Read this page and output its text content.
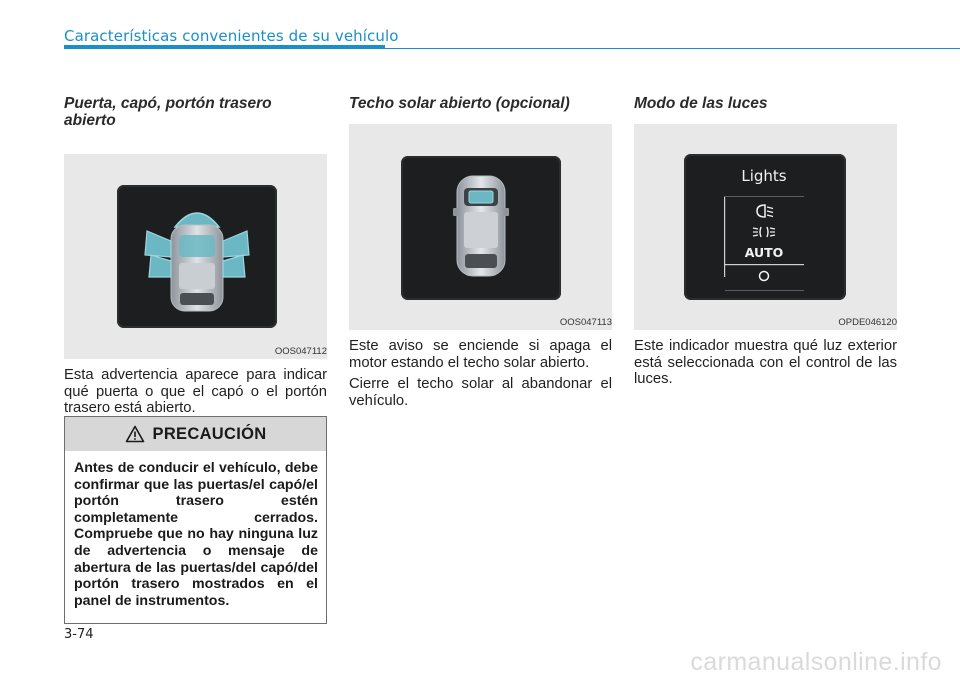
Características convenientes de su vehículo
Puerta, capó, portón trasero abierto
OOS047112

Esta advertencia aparece para indicar qué puerta o que el capó o el portón trasero está abierto.

PRECAUCIÓN

Antes de conducir el vehículo, debe confirmar que las puertas/el capó/el portón trasero estén completamente cerrados. Compruebe que no hay ninguna luz de advertencia o mensaje de abertura de las puertas/del capó/del portón trasero mostrados en el panel de instrumentos.

Techo solar abierto (opcional)
OOS047113

Este aviso se enciende si apaga el motor estando el techo solar abierto.

Cierre el techo solar al abandonar el vehículo.

Modo de las luces
Lights
AUTO
OPDE046120

Este indicador muestra qué luz exterior está seleccionada con el control de las luces.

3-74

carmanualsonline.info
